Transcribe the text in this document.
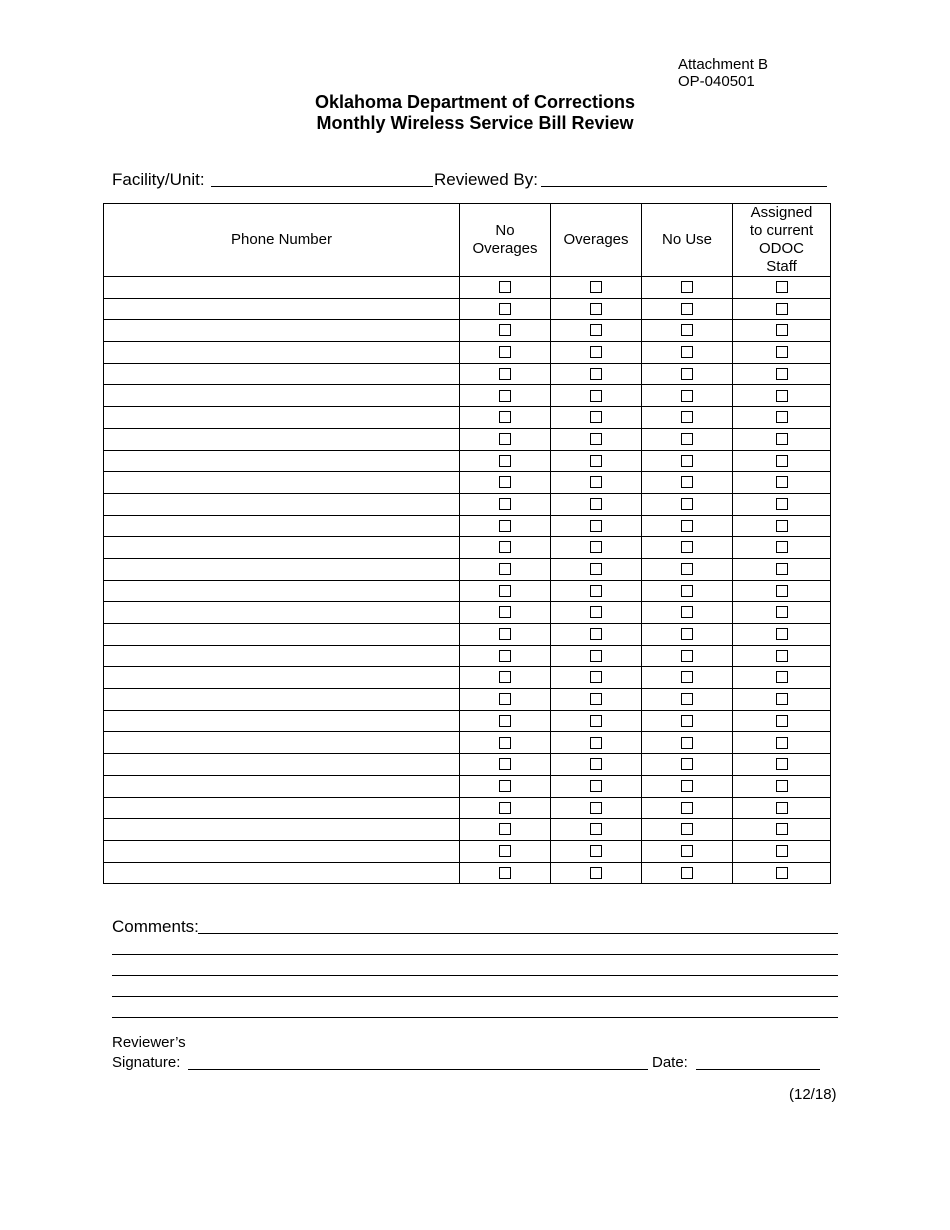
Attachment B
OP-040501
Oklahoma Department of Corrections
Monthly Wireless Service Bill Review
Facility/Unit:	Reviewed By:
Phone Number	No Overages	Overages	No Use	Assigned to current ODOC Staff

Comments:
Reviewer’s
Signature:	Date:
(12/18)
